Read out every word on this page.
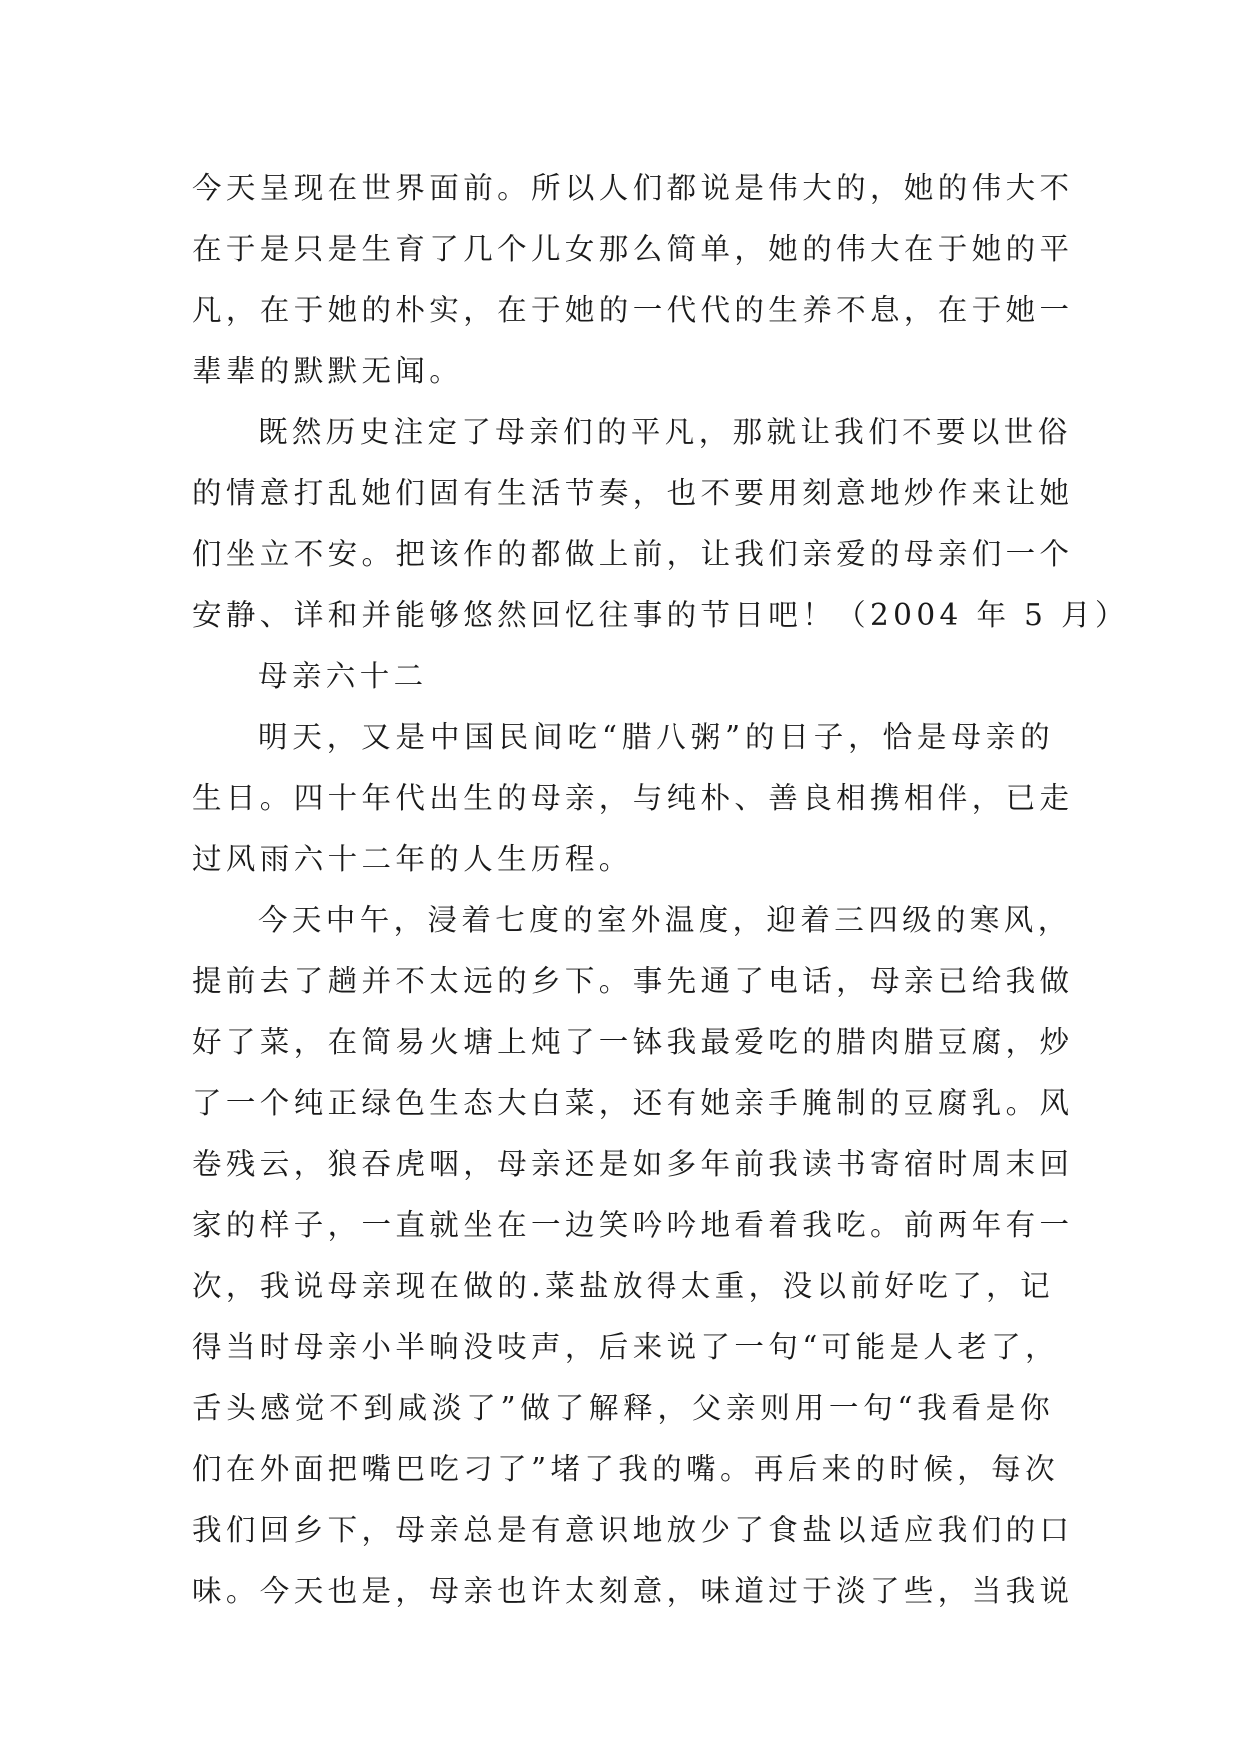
今天呈现在世界面前。所以人们都说是伟大的，她的伟大不
在于是只是生育了几个儿女那么简单，她的伟大在于她的平
凡，在于她的朴实，在于她的一代代的生养不息，在于她一
辈辈的默默无闻。
既然历史注定了母亲们的平凡，那就让我们不要以世俗
的情意打乱她们固有生活节奏，也不要用刻意地炒作来让她
们坐立不安。把该作的都做上前，让我们亲爱的母亲们一个
安静、详和并能够悠然回忆往事的节日吧！（2004 年 5 月）
母亲六十二
明天，又是中国民间吃“腊八粥”的日子，恰是母亲的
生日。四十年代出生的母亲，与纯朴、善良相携相伴，已走
过风雨六十二年的人生历程。
今天中午，浸着七度的室外温度，迎着三四级的寒风，
提前去了趟并不太远的乡下。事先通了电话，母亲已给我做
好了菜，在简易火塘上炖了一钵我最爱吃的腊肉腊豆腐，炒
了一个纯正绿色生态大白菜，还有她亲手腌制的豆腐乳。风
卷残云，狼吞虎咽，母亲还是如多年前我读书寄宿时周末回
家的样子，一直就坐在一边笑吟吟地看着我吃。前两年有一
次，我说母亲现在做的.菜盐放得太重，没以前好吃了，记
得当时母亲小半晌没吱声，后来说了一句“可能是人老了，
舌头感觉不到咸淡了”做了解释，父亲则用一句“我看是你
们在外面把嘴巴吃刁了”堵了我的嘴。再后来的时候，每次
我们回乡下，母亲总是有意识地放少了食盐以适应我们的口
味。今天也是，母亲也许太刻意，味道过于淡了些，当我说
